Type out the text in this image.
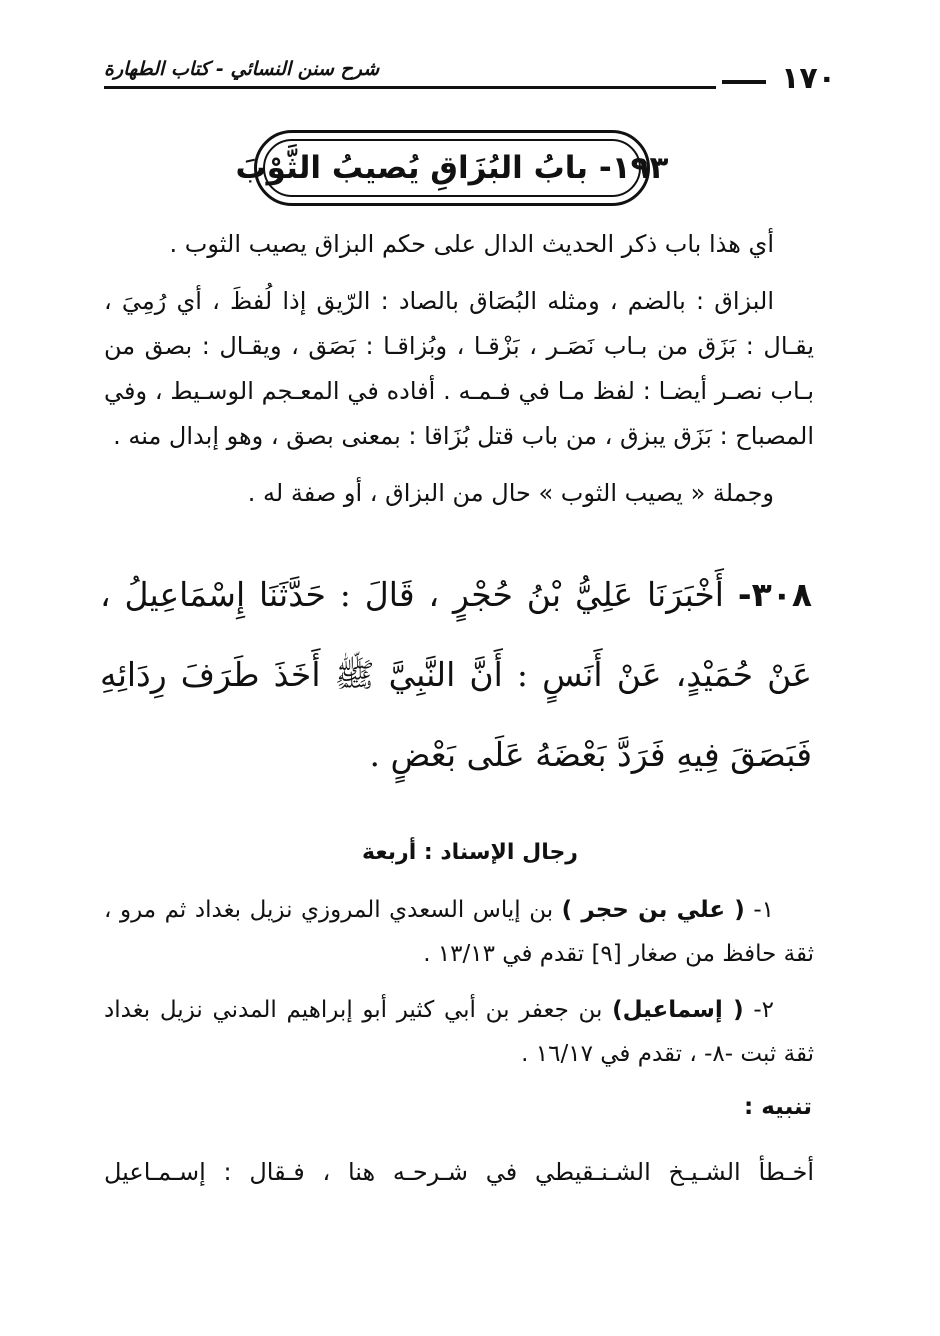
١٧٠
شرح سنن النسائي - كتاب الطهارة
١٩٣- بابُ البُزَاقِ يُصيبُ الثَّوْبَ

أي هذا باب ذكر الحديث الدال على حكم البزاق يصيب الثوب .

البزاق : بالضم ، ومثله البُصَاق بالصاد : الرّيق إذا لُفظَ ، أي رُمِيَ ، يقـال : بَزَق من بـاب نَصَـر ، بَزْقـا ، وبُزاقـا : بَصَق ، ويقـال : بصق من بـاب نصـر أيضـا : لفظ مـا في فـمـه . أفاده في المعـجم الوسـيط ، وفي المصباح : بَزَق يبزق ، من باب قتل بُزَاقا : بمعنى بصق ، وهو إبدال منه .

وجملة « يصيب الثوب » حال من البزاق ، أو صفة له .

٣٠٨- أَخْبَرَنَا عَلِيُّ بْنُ حُجْرٍ ، قَالَ : حَدَّثَنَا إِسْمَاعِيلُ ، عَنْ حُمَيْدٍ، عَنْ أَنَسٍ : أَنَّ النَّبِيَّ ﷺ أَخَذَ طَرَفَ رِدَائِهِ فَبَصَقَ فِيهِ فَرَدَّ بَعْضَهُ عَلَى بَعْضٍ .
رجال الإسناد : أربعة

١- ( علي بن حجر ) بن إياس السعدي المروزي نزيل بغداد ثم مرو ، ثقة حافظ من صغار [٩] تقدم في ١٣/١٣ .

٢- ( إسماعيل) بن جعفر بن أبي كثير أبو إبراهيم المدني نزيل بغداد ثقة ثبت -٨- ، تقدم في ١٦/١٧ .

تنبيه :
أخـطأ الشـيـخ الشـنـقيطي في شـرحـه هنا ، فـقال : إسـمـاعيل
